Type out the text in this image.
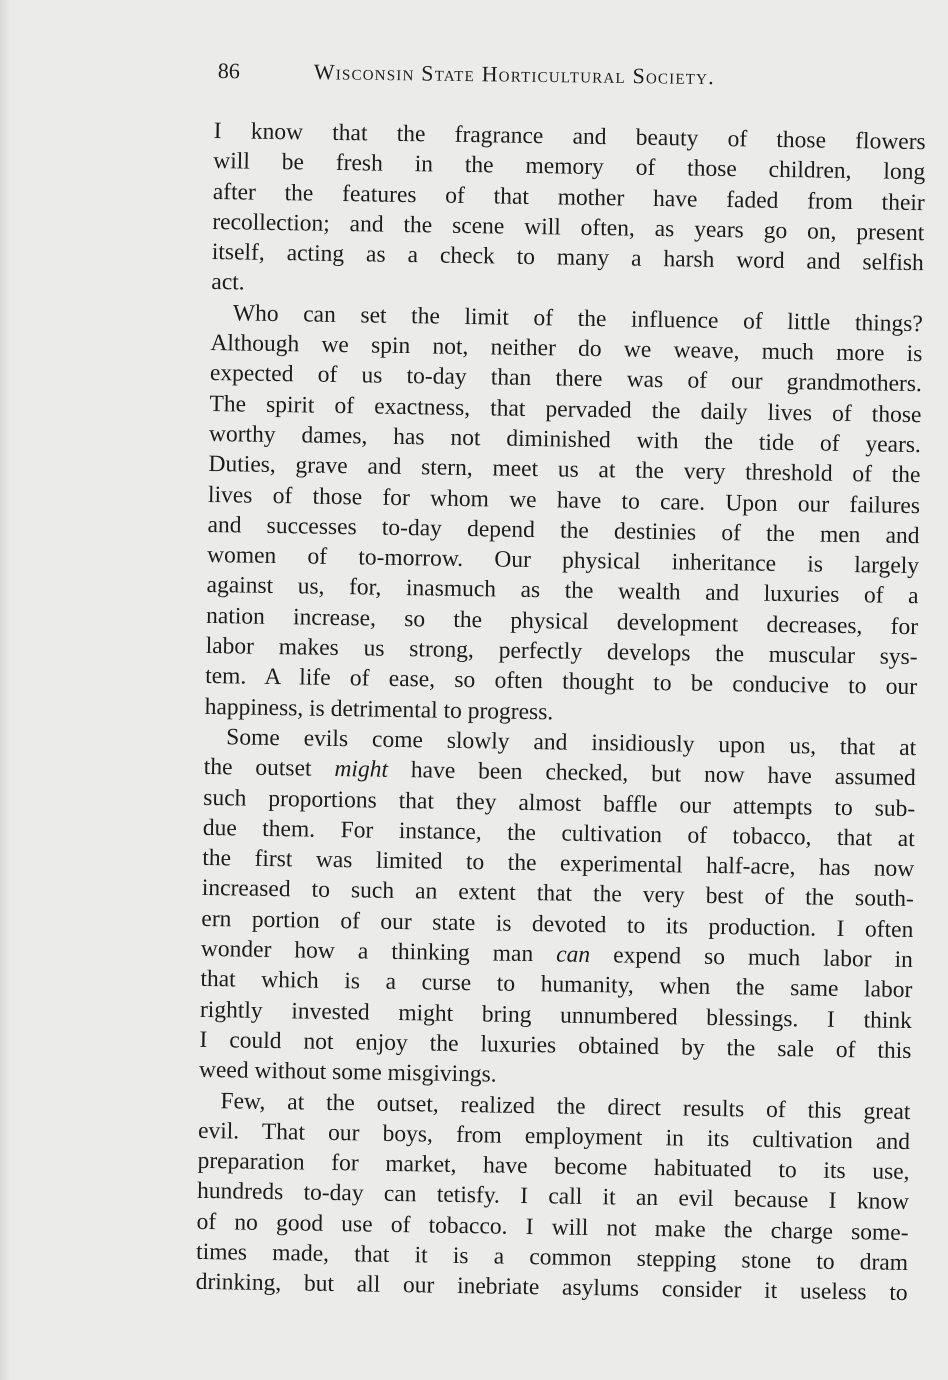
86	Wisconsin State Horticultural Society.
I know that the fragrance and beauty of those flowers
will be fresh in the memory of those children, long
after the features of that mother have faded from their
recollection; and the scene will often, as years go on, present
itself, acting as a check to many a harsh word and selfish
act.
Who can set the limit of the influence of little things?
Although we spin not, neither do we weave, much more is
expected of us to-day than there was of our grandmothers.
The spirit of exactness, that pervaded the daily lives of those
worthy dames, has not diminished with the tide of years.
Duties, grave and stern, meet us at the very threshold of the
lives of those for whom we have to care. Upon our failures
and successes to-day depend the destinies of the men and
women of to-morrow. Our physical inheritance is largely
against us, for, inasmuch as the wealth and luxuries of a
nation increase, so the physical development decreases, for
labor makes us strong, perfectly develops the muscular sys-
tem. A life of ease, so often thought to be conducive to our
happiness, is detrimental to progress.
Some evils come slowly and insidiously upon us, that at
the outset might have been checked, but now have assumed
such proportions that they almost baffle our attempts to sub-
due them. For instance, the cultivation of tobacco, that at
the first was limited to the experimental half-acre, has now
increased to such an extent that the very best of the south-
ern portion of our state is devoted to its production. I often
wonder how a thinking man can expend so much labor in
that which is a curse to humanity, when the same labor
rightly invested might bring unnumbered blessings. I think
I could not enjoy the luxuries obtained by the sale of this
weed without some misgivings.
Few, at the outset, realized the direct results of this great
evil. That our boys, from employment in its cultivation and
preparation for market, have become habituated to its use,
hundreds to-day can tetisfy. I call it an evil because I know
of no good use of tobacco. I will not make the charge some-
times made, that it is a common stepping stone to dram
drinking, but all our inebriate asylums consider it useless to
